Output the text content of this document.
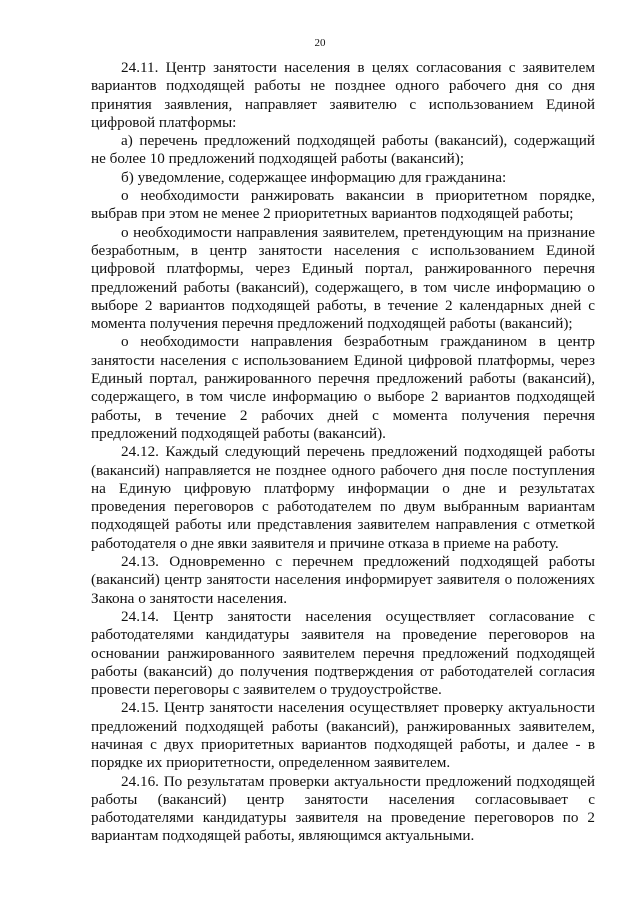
20

24.11. Центр занятости населения в целях согласования с заявителем вариантов подходящей работы не позднее одного рабочего дня со дня принятия заявления, направляет заявителю с использованием Единой цифровой платформы:

а) перечень предложений подходящей работы (вакансий), содержащий не более 10 предложений подходящей работы (вакансий);

б) уведомление, содержащее информацию для гражданина:

о необходимости ранжировать вакансии в приоритетном порядке, выбрав при этом не менее 2 приоритетных вариантов подходящей работы;

о необходимости направления заявителем, претендующим на признание безработным, в центр занятости населения с использованием Единой цифровой платформы, через Единый портал, ранжированного перечня предложений работы (вакансий), содержащего, в том числе информацию о выборе 2 вариантов подходящей работы, в течение 2 календарных дней с момента получения перечня предложений подходящей работы (вакансий);

о необходимости направления безработным гражданином в центр занятости населения с использованием Единой цифровой платформы, через Единый портал, ранжированного перечня предложений работы (вакансий), содержащего, в том числе информацию о выборе 2 вариантов подходящей работы, в течение 2 рабочих дней с момента получения перечня предложений подходящей работы (вакансий).

24.12. Каждый следующий перечень предложений подходящей работы (вакансий) направляется не позднее одного рабочего дня после поступления на Единую цифровую платформу информации о дне и результатах проведения переговоров с работодателем по двум выбранным вариантам подходящей работы или представления заявителем направления с отметкой работодателя о дне явки заявителя и причине отказа в приеме на работу.

24.13. Одновременно с перечнем предложений подходящей работы (вакансий) центр занятости населения информирует заявителя о положениях Закона о занятости населения.

24.14. Центр занятости населения осуществляет согласование с работодателями кандидатуры заявителя на проведение переговоров на основании ранжированного заявителем перечня предложений подходящей работы (вакансий) до получения подтверждения от работодателей согласия провести переговоры с заявителем о трудоустройстве.

24.15. Центр занятости населения осуществляет проверку актуальности предложений подходящей работы (вакансий), ранжированных заявителем, начиная с двух приоритетных вариантов подходящей работы, и далее - в порядке их приоритетности, определенном заявителем.

24.16. По результатам проверки актуальности предложений подходящей работы (вакансий) центр занятости населения согласовывает с работодателями кандидатуры заявителя на проведение переговоров по 2 вариантам подходящей работы, являющимся актуальными.
